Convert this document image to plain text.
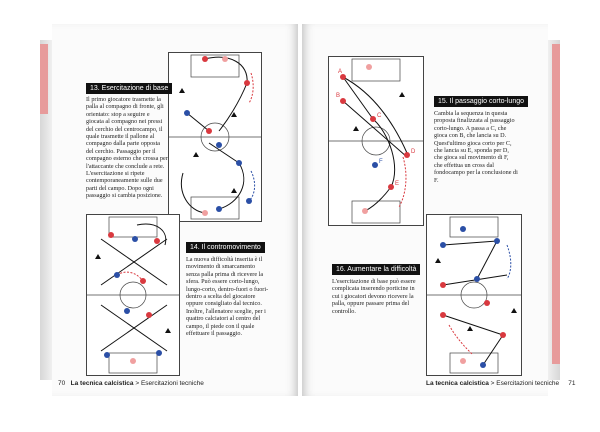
13. Esercitazione di base
Il primo giocatore trasmette la palla al compagno di fronte, gli orientato: stop a seguire e giocata al compagno nei pressi del cerchio del centrocampo, il quale trasmette il pallone al compagno dalla parte opposta del cerchio. Passaggio per il compagno esterno che crossa per l'attaccante che conclude a rete. L'esercitazione si ripete contemporaneamente sulle due parti del campo. Dopo ogni passaggio si cambia posizione.
14. Il contromovimento
La nuova difficoltà inserita è il movimento di smarcamento senza palla prima di ricevere la sfera. Può essere corto-lungo, lungo-corto, dentro-fuori o fuori-dentro a scelta del giocatore oppure consigliato dal tecnico. Inoltre, l'allenatore sceglie, per i quattro calciatori al centro del campo, il piede con il quale effettuare il passaggio.
70 La tecnica calcistica > Esercitazioni tecniche
A
B
C
D
E
F
15. Il passaggio corto-lungo
Cambia la sequenza in questa proposta finalizzata al passaggio corto-lungo. A passa a C, che gioca con B, che lancia su D. Quest'ultimo gioca corto per C, che lancia su E, sponda per D, che gioca sul movimento di F, che effettua un cross dal fondocampo per la conclusione di F.
16. Aumentare la difficoltà
L'esercitazione di base può essere complicata inserendo porticine in cui i giocatori devono ricevere la palla, oppure passare prima del controllo.
La tecnica calcistica > Esercitazioni tecniche 71
